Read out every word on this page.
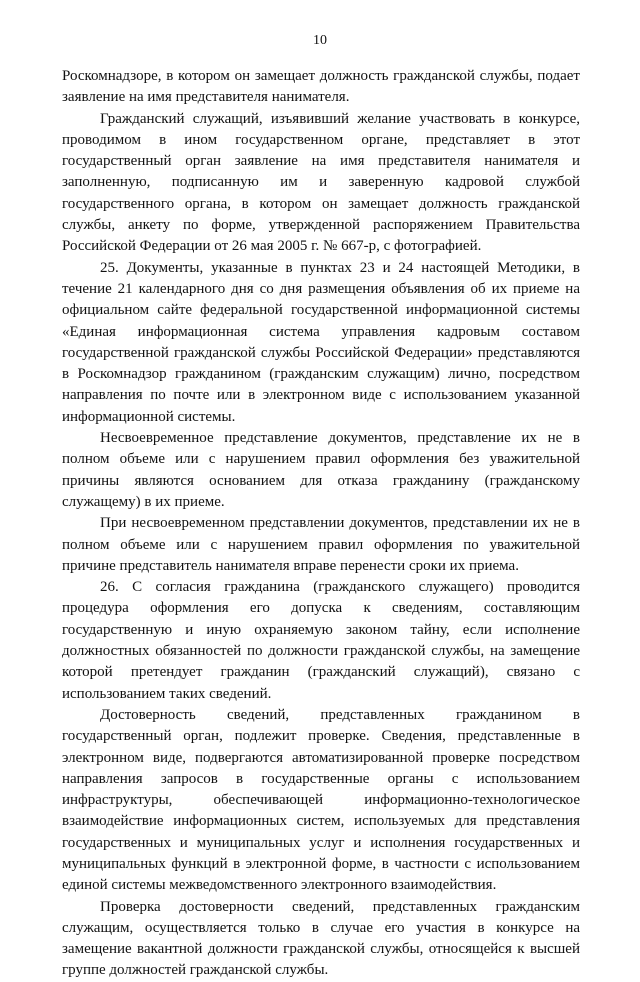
10

Роскомнадзоре, в котором он замещает должность гражданской службы, подает заявление на имя представителя нанимателя.

Гражданский служащий, изъявивший желание участвовать в конкурсе, проводимом в ином государственном органе, представляет в этот государственный орган заявление на имя представителя нанимателя и заполненную, подписанную им и заверенную кадровой службой государственного органа, в котором он замещает должность гражданской службы, анкету по форме, утвержденной распоряжением Правительства Российской Федерации от 26 мая 2005 г. № 667-р, с фотографией.

25. Документы, указанные в пунктах 23 и 24 настоящей Методики, в течение 21 календарного дня со дня размещения объявления об их приеме на официальном сайте федеральной государственной информационной системы «Единая информационная система управления кадровым составом государственной гражданской службы Российской Федерации» представляются в Роскомнадзор гражданином (гражданским служащим) лично, посредством направления по почте или в электронном виде с использованием указанной информационной системы.

Несвоевременное представление документов, представление их не в полном объеме или с нарушением правил оформления без уважительной причины являются основанием для отказа гражданину (гражданскому служащему) в их приеме.

При несвоевременном представлении документов, представлении их не в полном объеме или с нарушением правил оформления по уважительной причине представитель нанимателя вправе перенести сроки их приема.

26. С согласия гражданина (гражданского служащего) проводится процедура оформления его допуска к сведениям, составляющим государственную и иную охраняемую законом тайну, если исполнение должностных обязанностей по должности гражданской службы, на замещение которой претендует гражданин (гражданский служащий), связано с использованием таких сведений.

Достоверность сведений, представленных гражданином в государственный орган, подлежит проверке. Сведения, представленные в электронном виде, подвергаются автоматизированной проверке посредством направления запросов в государственные органы с использованием инфраструктуры, обеспечивающей информационно-технологическое взаимодействие информационных систем, используемых для представления государственных и муниципальных услуг и исполнения государственных и муниципальных функций в электронной форме, в частности с использованием единой системы межведомственного электронного взаимодействия.

Проверка достоверности сведений, представленных гражданским служащим, осуществляется только в случае его участия в конкурсе на замещение вакантной должности гражданской службы, относящейся к высшей группе должностей гражданской службы.
